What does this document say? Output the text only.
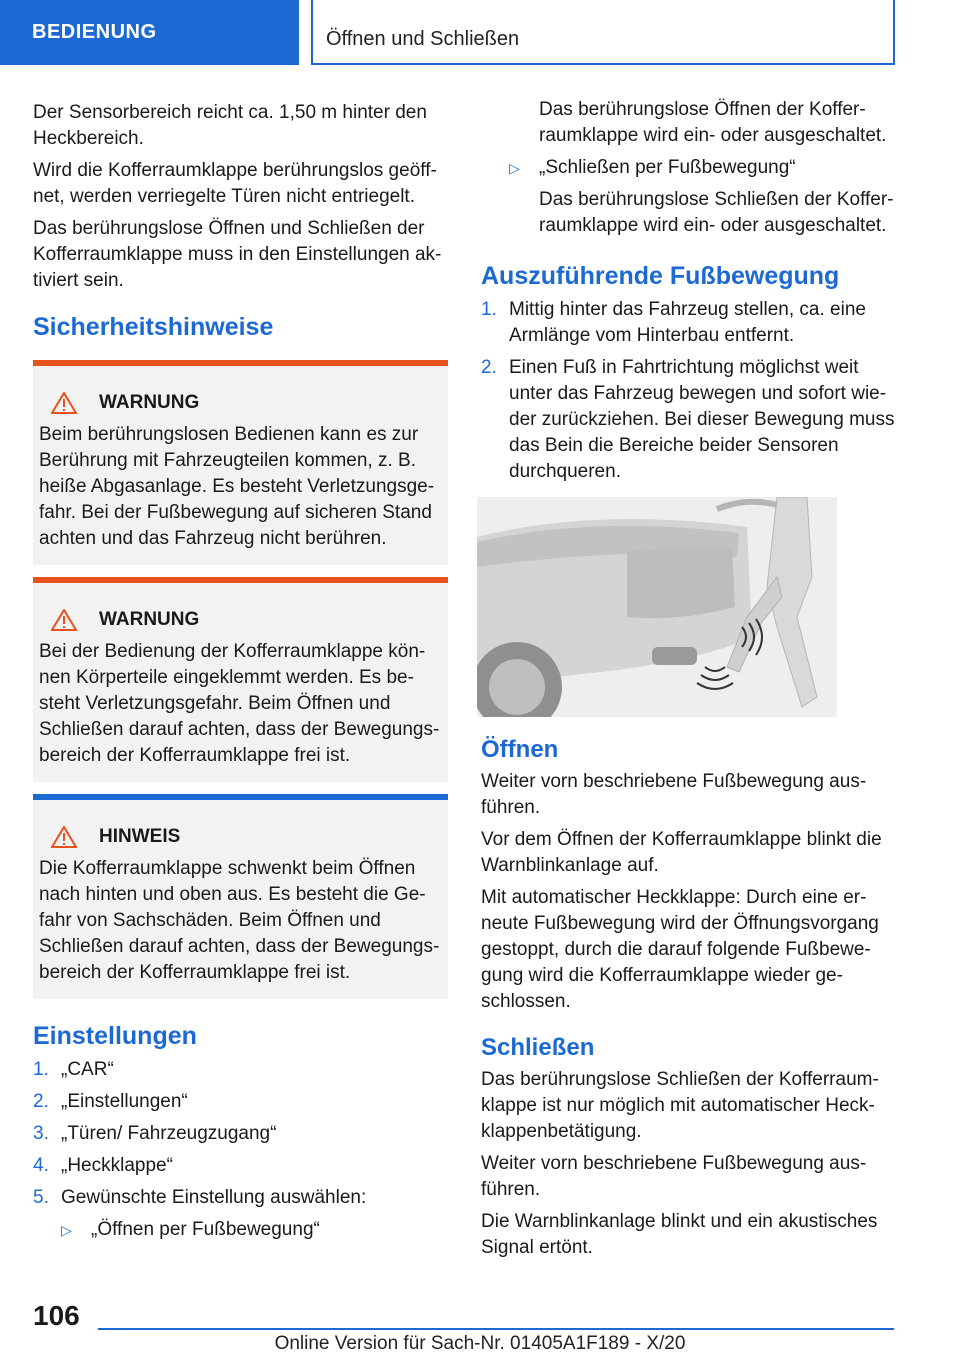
BEDIENUNG	Öffnen und Schließen

Der Sensorbereich reicht ca. 1,50 m hinter den Heckbereich.

Wird die Kofferraumklappe berührungslos geöff-net, werden verriegelte Türen nicht entriegelt.

Das berührungslose Öffnen und Schließen der Kofferraumklappe muss in den Einstellungen ak-tiviert sein.

Sicherheitshinweise
WARNUNG
Beim berührungslosen Bedienen kann es zur Berührung mit Fahrzeugteilen kommen, z. B. heiße Abgasanlage. Es besteht Verletzungsge-fahr. Bei der Fußbewegung auf sicheren Stand achten und das Fahrzeug nicht berühren.
WARNUNG
Bei der Bedienung der Kofferraumklappe kön-nen Körperteile eingeklemmt werden. Es be-steht Verletzungsgefahr. Beim Öffnen und Schließen darauf achten, dass der Bewegungs-bereich der Kofferraumklappe frei ist.
HINWEIS
Die Kofferraumklappe schwenkt beim Öffnen nach hinten und oben aus. Es besteht die Ge-fahr von Sachschäden. Beim Öffnen und Schließen darauf achten, dass der Bewegungs-bereich der Kofferraumklappe frei ist.
Einstellungen
1. „CAR“
2. „Einstellungen“
3. „Türen/ Fahrzeugzugang“
4. „Heckklappe“
5. Gewünschte Einstellung auswählen:
▷	„Öffnen per Fußbewegung“
Das berührungslose Öffnen der Koffer-raumklappe wird ein- oder ausgeschaltet.
▷	„Schließen per Fußbewegung“
Das berührungslose Schließen der Koffer-raumklappe wird ein- oder ausgeschaltet.
Auszuführende Fußbewegung
1. Mittig hinter das Fahrzeug stellen, ca. eine Armlänge vom Hinterbau entfernt.
2. Einen Fuß in Fahrtrichtung möglichst weit unter das Fahrzeug bewegen und sofort wie-der zurückziehen. Bei dieser Bewegung muss das Bein die Bereiche beider Sensoren durchqueren.
Öffnen

Weiter vorn beschriebene Fußbewegung aus-führen.

Vor dem Öffnen der Kofferraumklappe blinkt die Warnblinkanlage auf.

Mit automatischer Heckklappe: Durch eine er-neute Fußbewegung wird der Öffnungsvorgang gestoppt, durch die darauf folgende Fußbewe-gung wird die Kofferraumklappe wieder ge-schlossen.

Schließen

Das berührungslose Schließen der Kofferraum-klappe ist nur möglich mit automatischer Heck-klappenbetätigung.

Weiter vorn beschriebene Fußbewegung aus-führen.

Die Warnblinkanlage blinkt und ein akustisches Signal ertönt.

106
Online Version für Sach-Nr. 01405A1F189 - X/20
